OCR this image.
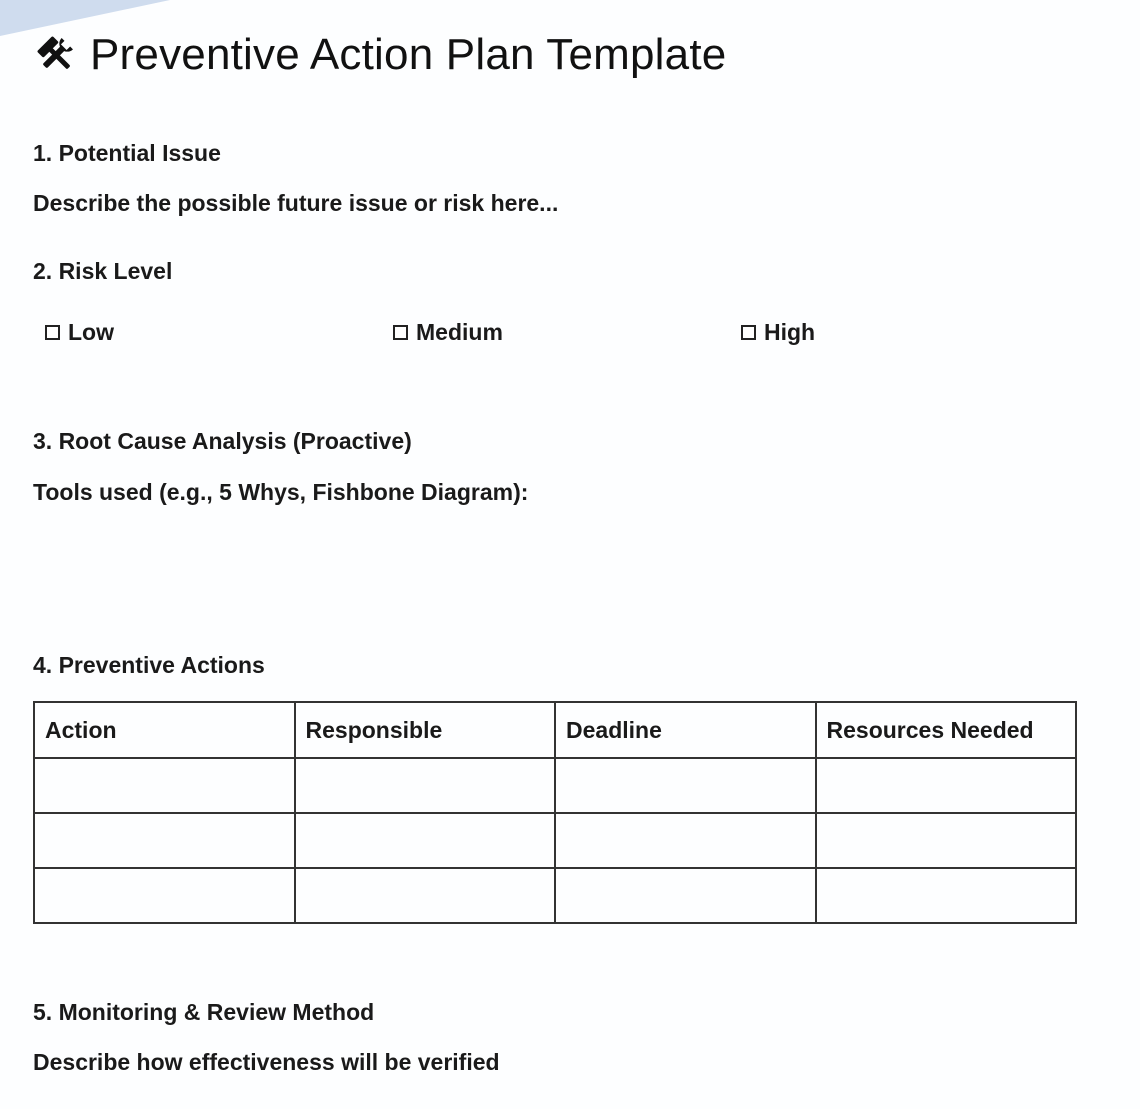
Preventive Action Plan Template
1. Potential Issue
Describe the possible future issue or risk here...
2. Risk Level
Low	Medium	High
3. Root Cause Analysis (Proactive)
Tools used (e.g., 5 Whys, Fishbone Diagram):
4. Preventive Actions
Action	Responsible	Deadline	Resources Needed

5. Monitoring & Review Method
Describe how effectiveness will be verified
